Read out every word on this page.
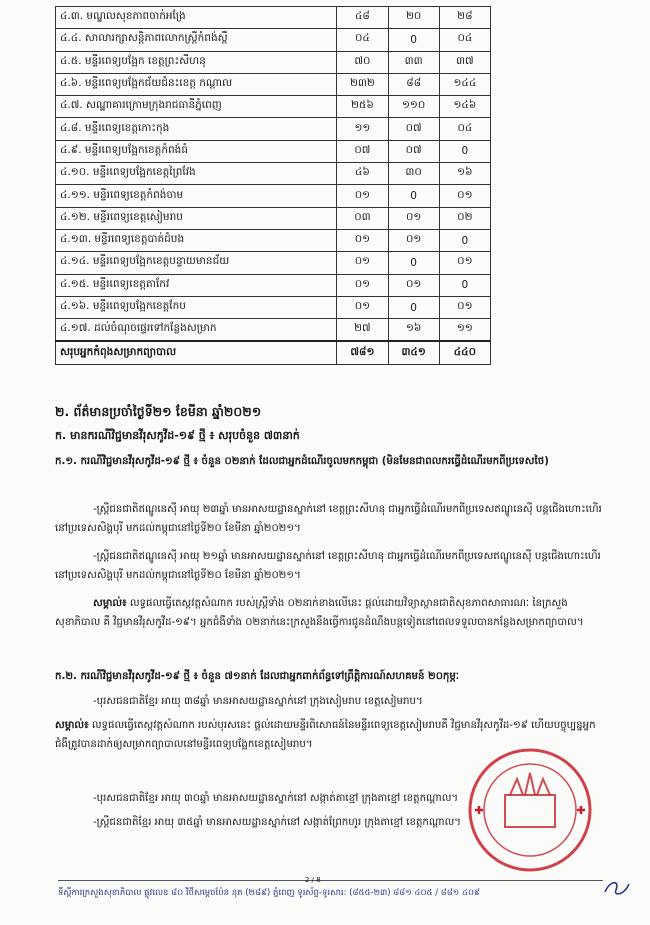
៤.៣. មណ្ឌលសុខភាពចាក់អង្រែ	៤៨	២០	២៨
៤.៤. សាលារក្សាសន្តិភាពលោកស្ត្រីកំពង់ស្ពឺ	០៤	0	០៤
៤.៥. មន្ទីរពេទ្យបង្អែក ខេត្តព្រះសីហនុ	៧០	៣៣	៣៧
៤.៦. មន្ទីរពេទ្យបង្អែកជ័យជំនះខេត្ត កណ្តាល	២៣២	៨៨	១៤៤
៤.៧. សណ្ឋាគារក្រោមក្រុងរាជធានីភ្នំពេញ	២៥៦	១១០	១៤៦
៤.៨. មន្ទីរពេទ្យខេត្តកោះកុង	១១	០៧	០៤
៤.៩. មន្ទីរពេទ្យបង្អែកខេត្តកំពង់ធំ	០៧	០៧	0
៤.១០. មន្ទីរពេទ្យបង្អែកខេត្តព្រៃវែង	៤៦	៣០	១៦
៤.១១. មន្ទីរពេទ្យខេត្តកំពង់ចាម	០១	0	០១
៤.១២. មន្ទីរពេទ្យខេត្តសៀមរាប	០៣	០១	០២
៤.១៣. មន្ទីរពេទ្យខេត្តបាត់ដំបង	០១	០១	0
៤.១៤. មន្ទីរពេទ្យបង្អែកខេត្តបន្ទាយមានជ័យ	០១	0	០១
៤.១៥. មន្ទីរពេទ្យខេត្តតាកែវ	០១	០១	0
៤.១៦. មន្ទីរពេទ្យបង្អែកខេត្តកែប	០១	0	០១
៤.១៧. ដល់ចំណុចផ្ទេរទៅកន្លែងសម្រាក	២៧	១៦	១១
សរុបអ្នកកំពុងសម្រាកព្យាបាល	៧៨១	៣៤១	៤៤០
២. ព័ត៌មានប្រចាំថ្ងៃទី២១ ខែមីនា ឆ្នាំ២០២១
ក. មានករណីវិជ្ជមានវីរុសកូវីដ-១៩ ថ្មី ៖ សរុបចំនួន ៧៣នាក់
ក.១. ករណីវិជ្ជមានវីរុសកូវីដ-១៩ ថ្មី ៖ ចំនួន ០២នាក់ ដែលជាអ្នកដំណើរចូលមកកម្ពុជា (មិនមែនជាពលករធ្វើដំណើរមកពីប្រទេសថៃ)
-ស្ត្រីជនជាតិឥណ្ឌូនេស៊ី អាយុ ២៣ឆ្នាំ មានអាសយដ្ឋានស្នាក់នៅ ខេត្តព្រះសីហនុ ជាអ្នកធ្វើដំណើរមកពីប្រទេសឥណ្ឌូនេស៊ី បន្តជើងហោះហើរនៅប្រទេសសិង្ហបុរី មកដល់កម្ពុជានៅថ្ងៃទី២០ ខែមីនា ឆ្នាំ២០២១។
-ស្ត្រីជនជាតិឥណ្ឌូនេស៊ី អាយុ ២១ឆ្នាំ មានអាសយដ្ឋានស្នាក់នៅ ខេត្តព្រះសីហនុ ជាអ្នកធ្វើដំណើរមកពីប្រទេសឥណ្ឌូនេស៊ី បន្តជើងហោះហើរនៅប្រទេសសិង្ហបុរី មកដល់កម្ពុជានៅថ្ងៃទី២០ ខែមីនា ឆ្នាំ២០២១។
សម្គាល់៖ លទ្ធផលធ្វើតេស្តវត្តសំណាក របស់ស្ត្រីទាំង ០២នាក់ខាងលើនេះ ផ្តល់ដោយវិទ្យាស្ថានជាតិសុខភាពសាធារណៈ នៃក្រសួងសុខាភិបាល គឺ វិជ្ជមានវីរុសកូវីដ-១៩។ អ្នកជំងឺទាំង ០២នាក់នេះក្រសួងនឹងធ្វើការជូនដំណឹងបន្តទៀតនៅពេលទទួលបានកន្លែងសម្រាកព្យាបាល។
ក.២. ករណីវិជ្ជមានវីរុសកូវីដ-១៩ ថ្មី ៖ ចំនួន ៧១នាក់ ដែលជាអ្នកពាក់ព័ន្ធទៅព្រឹត្តិការណ៍សហគមន៍ ២០កុម្ភៈ
-បុរសជនជាតិខ្មែរ អាយុ ៣៨ឆ្នាំ មានអាសយដ្ឋានស្នាក់នៅ ក្រុងសៀមរាប ខេត្តសៀមរាប។
សម្គាល់៖ លទ្ធផលធ្វើតេស្តវត្តសំណាក របស់បុរសនេះ ផ្តល់ដោយមន្ទីរពិសោធន៍នៃមន្ទីរពេទ្យខេត្តសៀមរាបគឺ វិជ្ជមានវីរុសកូវីដ-១៩ ហើយបច្ចុប្បន្នអ្នកជំងឺត្រូវបានដាក់ឲ្យសម្រាកព្យាបាលនៅមន្ទីរពេទ្យបង្អែកខេត្តសៀមរាប។
-បុរសជនជាតិខ្មែរ អាយុ ៣០ឆ្នាំ មានអាសយដ្ឋានស្នាក់នៅ សង្កាត់តាខ្មៅ ក្រុងតាខ្មៅ ខេត្តកណ្តាល។
-ស្ត្រីជនជាតិខ្មែរ អាយុ ៣៥ឆ្នាំ មានអាសយដ្ឋានស្នាក់នៅ សង្កាត់ព្រែកហូរ ក្រុងតាខ្មៅ ខេត្តកណ្តាល។
2 / 8
ទីស្តីការក្រសួងសុខាភិបាល ផ្លូវលេខ ៨០ វិថីសម្តេចប៉ែន នុត (២៨៩) ភ្នំពេញ ទូរស័ព្ទ-ទូរសារ: (៨៥៥-២៣) ៨៨១ ៤០៥ / ៨៨១ ៤០៩
